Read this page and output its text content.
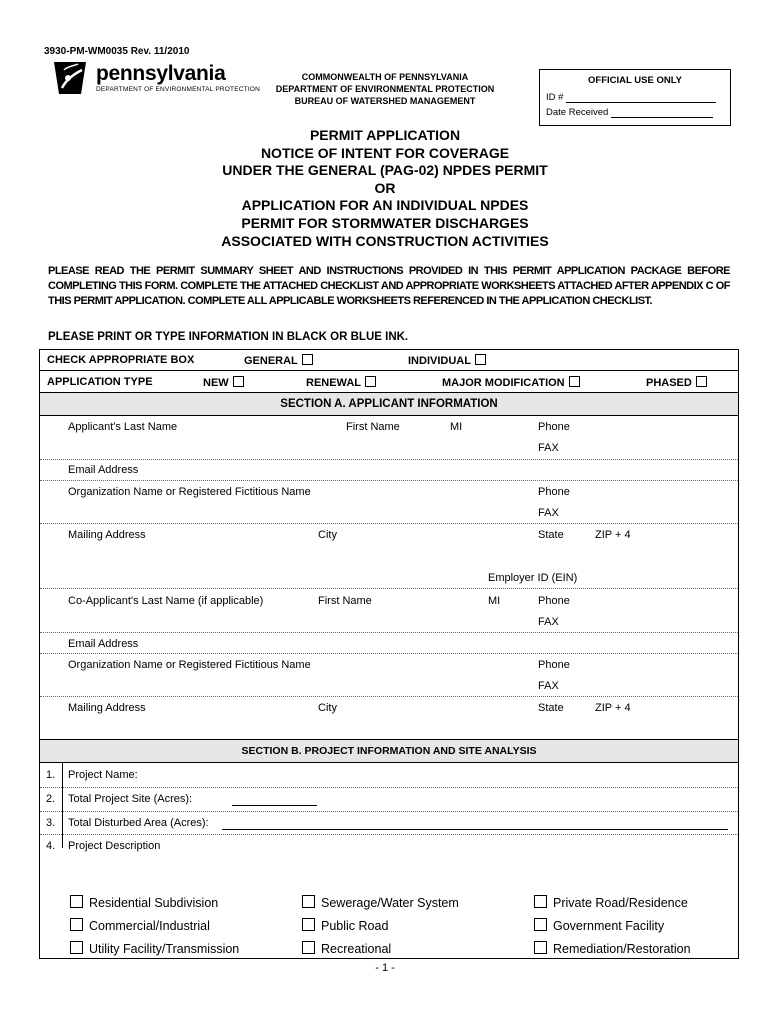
3930-PM-WM0035 Rev. 11/2010
pennsylvania
DEPARTMENT OF ENVIRONMENTAL PROTECTION
COMMONWEALTH OF PENNSYLVANIA
DEPARTMENT OF ENVIRONMENTAL PROTECTION
BUREAU OF WATERSHED MANAGEMENT
OFFICIAL USE ONLY
ID #
Date Received
PERMIT APPLICATION
NOTICE OF INTENT FOR COVERAGE
UNDER THE GENERAL (PAG-02) NPDES PERMIT
OR
APPLICATION FOR AN INDIVIDUAL NPDES
PERMIT FOR STORMWATER DISCHARGES
ASSOCIATED WITH CONSTRUCTION ACTIVITIES
PLEASE READ THE PERMIT SUMMARY SHEET AND INSTRUCTIONS PROVIDED IN THIS PERMIT APPLICATION PACKAGE BEFORE COMPLETING THIS FORM. COMPLETE THE ATTACHED CHECKLIST AND APPROPRIATE WORKSHEETS ATTACHED AFTER APPENDIX C OF THIS PERMIT APPLICATION. COMPLETE ALL APPLICABLE WORKSHEETS REFERENCED IN THE APPLICATION CHECKLIST.
PLEASE PRINT OR TYPE INFORMATION IN BLACK OR BLUE INK.
CHECK APPROPRIATE BOX	GENERAL	INDIVIDUAL
APPLICATION TYPE	NEW	RENEWAL	MAJOR MODIFICATION	PHASED
SECTION A. APPLICANT INFORMATION
Applicant's Last Name	First Name	MI	Phone
FAX
Email Address
Organization Name or Registered Fictitious Name	Phone
FAX
Mailing Address	City	State	ZIP + 4
Employer ID (EIN)
Co-Applicant's Last Name (if applicable)	First Name	MI	Phone
FAX
Email Address
Organization Name or Registered Fictitious Name	Phone
FAX
Mailing Address	City	State	ZIP + 4
SECTION B. PROJECT INFORMATION AND SITE ANALYSIS
1. Project Name:
2. Total Project Site (Acres):
3. Total Disturbed Area (Acres):
4. Project Description
Residential Subdivision	Sewerage/Water System	Private Road/Residence
Commercial/Industrial	Public Road	Government Facility
Utility Facility/Transmission	Recreational	Remediation/Restoration
- 1 -
